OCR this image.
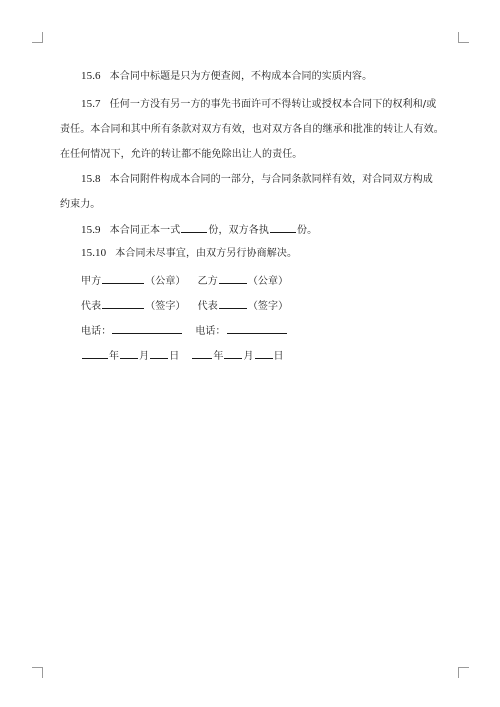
15.6 本合同中标题是只为方便查阅，不构成本合同的实质内容。
15.7 任何一方没有另一方的事先书面许可不得转让或授权本合同下的权利和/或
责任。本合同和其中所有条款对双方有效，也对双方各自的继承和批准的转让人有效。
在任何情况下，允许的转让都不能免除出让人的责任。
15.8 本合同附件构成本合同的一部分，与合同条款同样有效，对合同双方构成
约束力。
15.9 本合同正本一式	份，双方各执	份。
15.10 本合同未尽事宜，由双方另行协商解决。
甲方	（公章） 乙方	（公章）
代表	（签字） 代表	（签字）
电话：	电话：
年 月 日	年 月 日
